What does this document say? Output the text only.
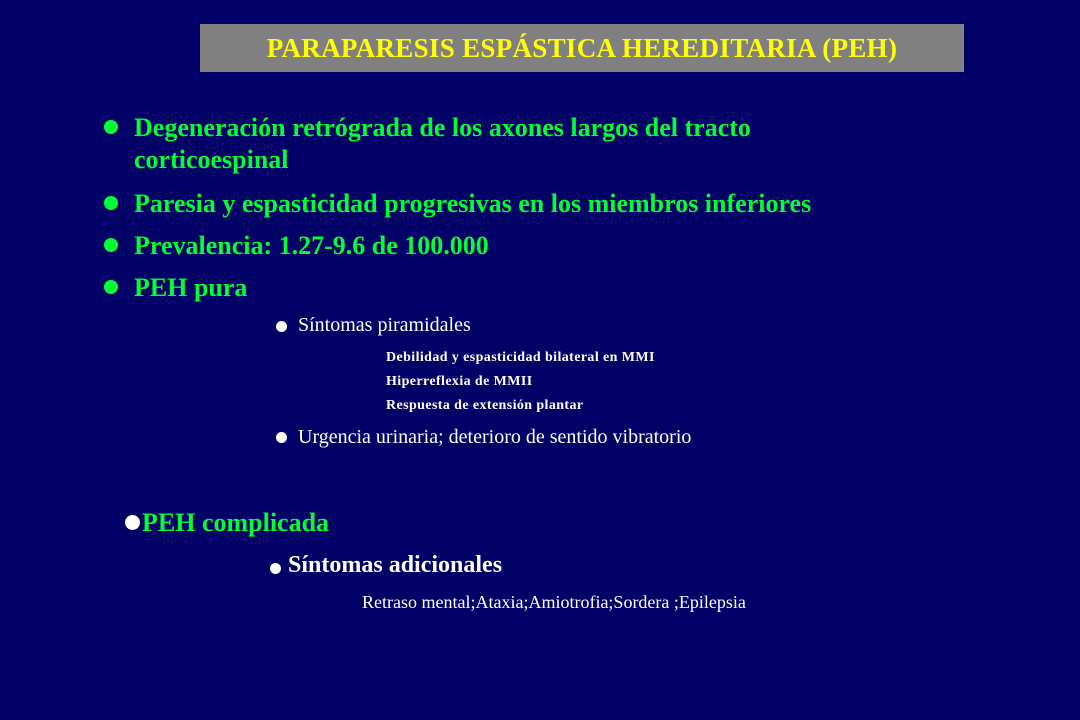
PARAPARESIS ESPÁSTICA HEREDITARIA (PEH)
Degeneración retrógrada de los axones largos del tracto
corticoespinal
Paresia y espasticidad progresivas en los miembros inferiores
Prevalencia: 1.27-9.6 de 100.000
PEH pura
Síntomas piramidales
Debilidad y espasticidad bilateral en MMI
Hiperreflexia de MMII
Respuesta de extensión plantar
Urgencia urinaria; deterioro de sentido vibratorio
PEH complicada
Síntomas adicionales
Retraso mental;Ataxia;Amiotrofia;Sordera ;Epilepsia
